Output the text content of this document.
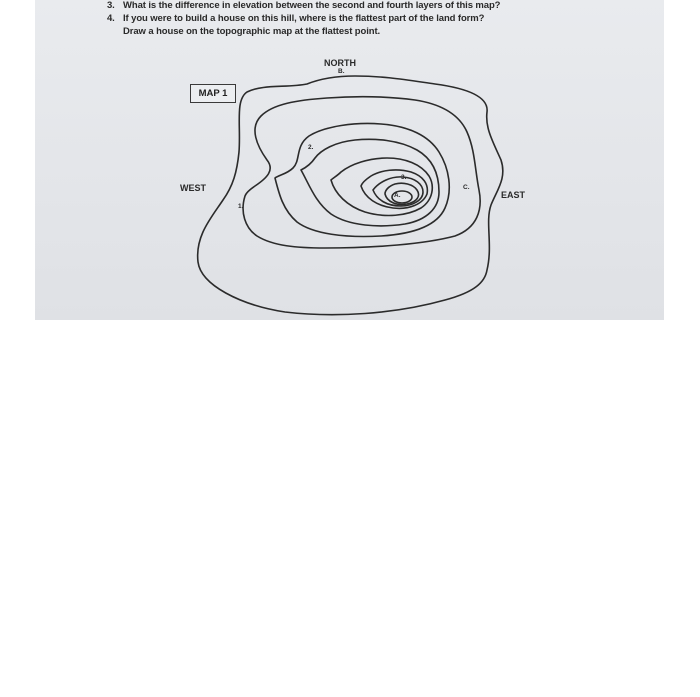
3. What is the difference in elevation between the second and fourth layers of this map?
4. If you were to build a house on this hill, where is the flattest part of the land form?
Draw a house on the topographic map at the flattest point.
MAP 1
NORTH
WEST
EAST
B.
1.
2.
3.
A.
C.
